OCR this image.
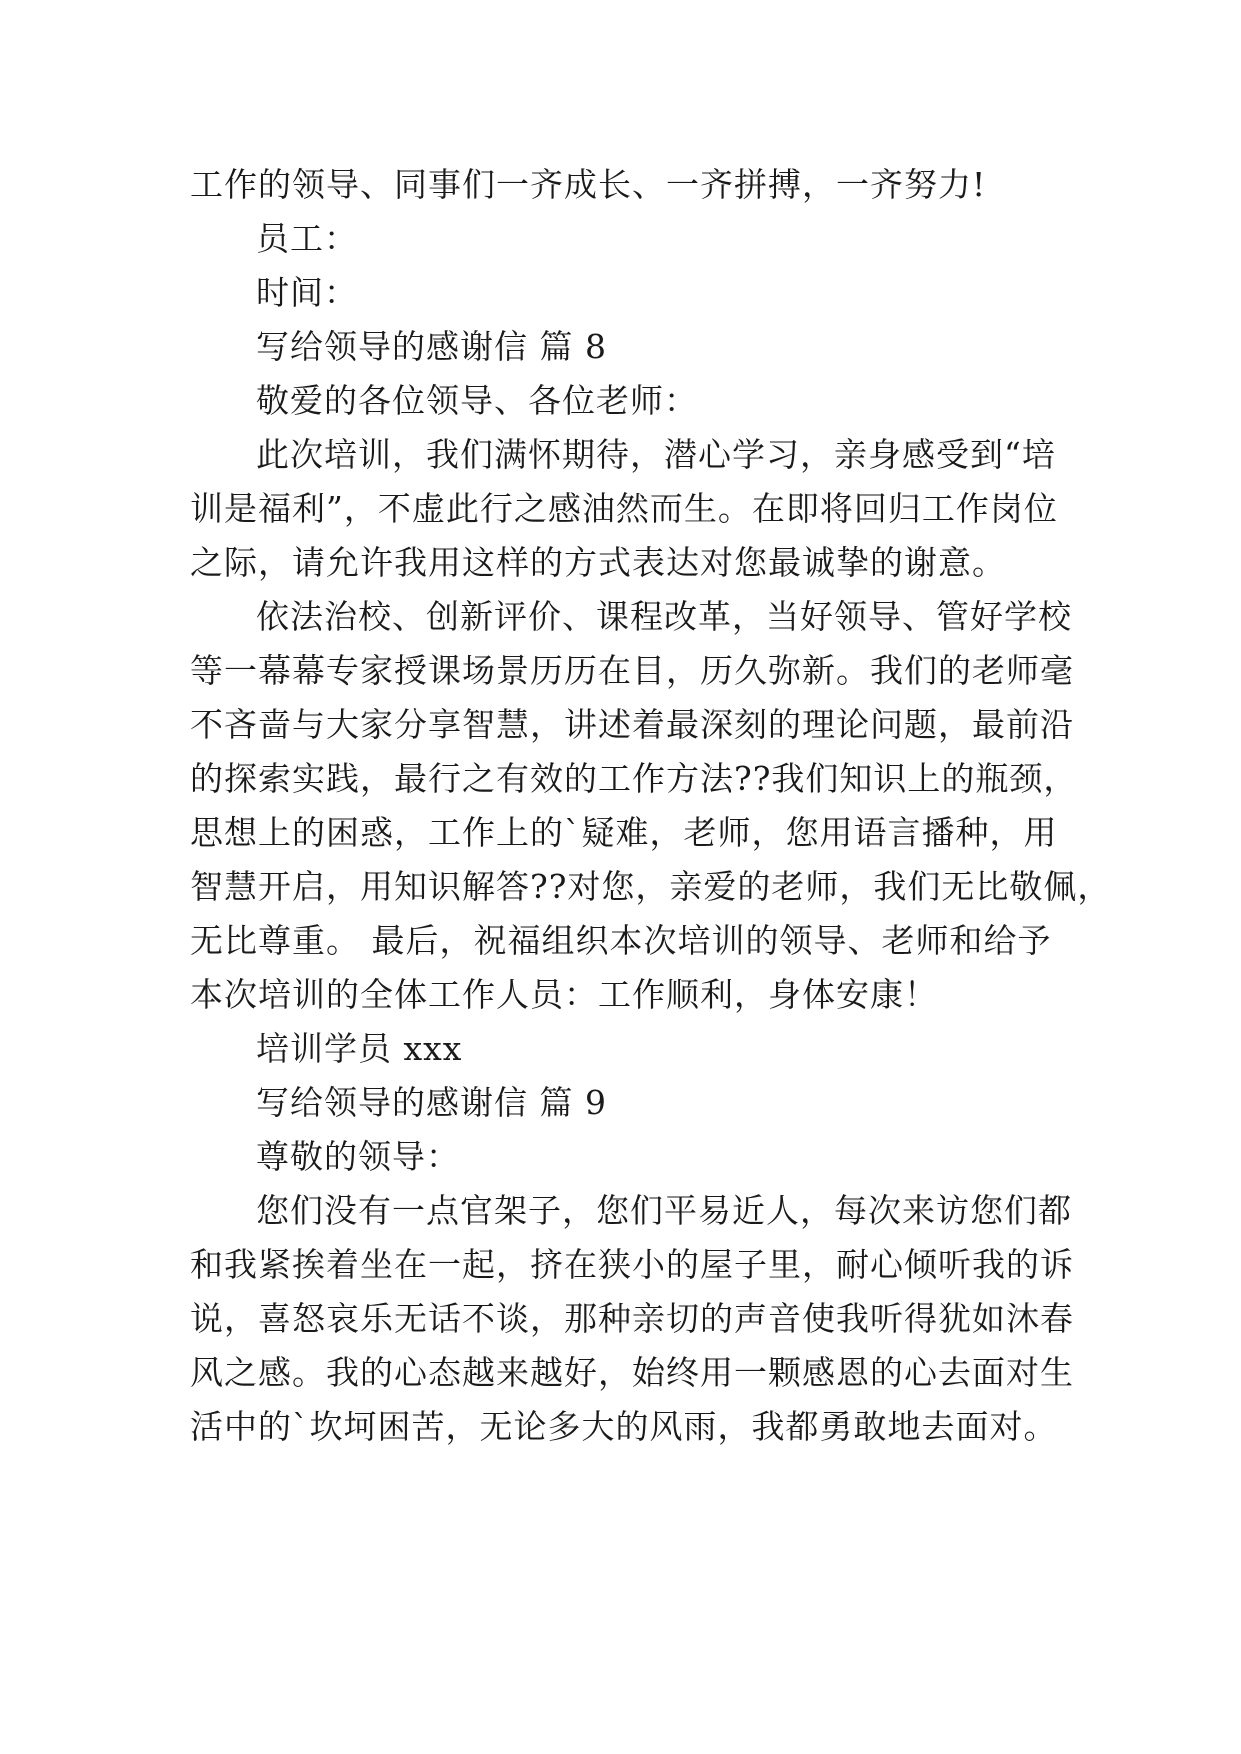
工作的领导、同事们一齐成长、一齐拼搏，一齐努力!

员工：

时间：

写给领导的感谢信 篇 8

敬爱的各位领导、各位老师：

此次培训，我们满怀期待，潜心学习，亲身感受到“培

训是福利”，不虚此行之感油然而生。在即将回归工作岗位

之际，请允许我用这样的方式表达对您最诚挚的谢意。

依法治校、创新评价、课程改革，当好领导、管好学校

等一幕幕专家授课场景历历在目，历久弥新。我们的老师毫

不吝啬与大家分享智慧，讲述着最深刻的理论问题，最前沿

的探索实践，最行之有效的工作方法??我们知识上的瓶颈，

思想上的困惑，工作上的`疑难，老师，您用语言播种，用

智慧开启，用知识解答??对您，亲爱的老师，我们无比敬佩，

无比尊重。 最后，祝福组织本次培训的领导、老师和给予

本次培训的全体工作人员：工作顺利，身体安康！

培训学员 xxx

写给领导的感谢信 篇 9

尊敬的领导：

您们没有一点官架子，您们平易近人，每次来访您们都

和我紧挨着坐在一起，挤在狭小的屋子里，耐心倾听我的诉

说，喜怒哀乐无话不谈，那种亲切的声音使我听得犹如沐春

风之感。我的心态越来越好，始终用一颗感恩的心去面对生

活中的`坎坷困苦，无论多大的风雨，我都勇敢地去面对。
